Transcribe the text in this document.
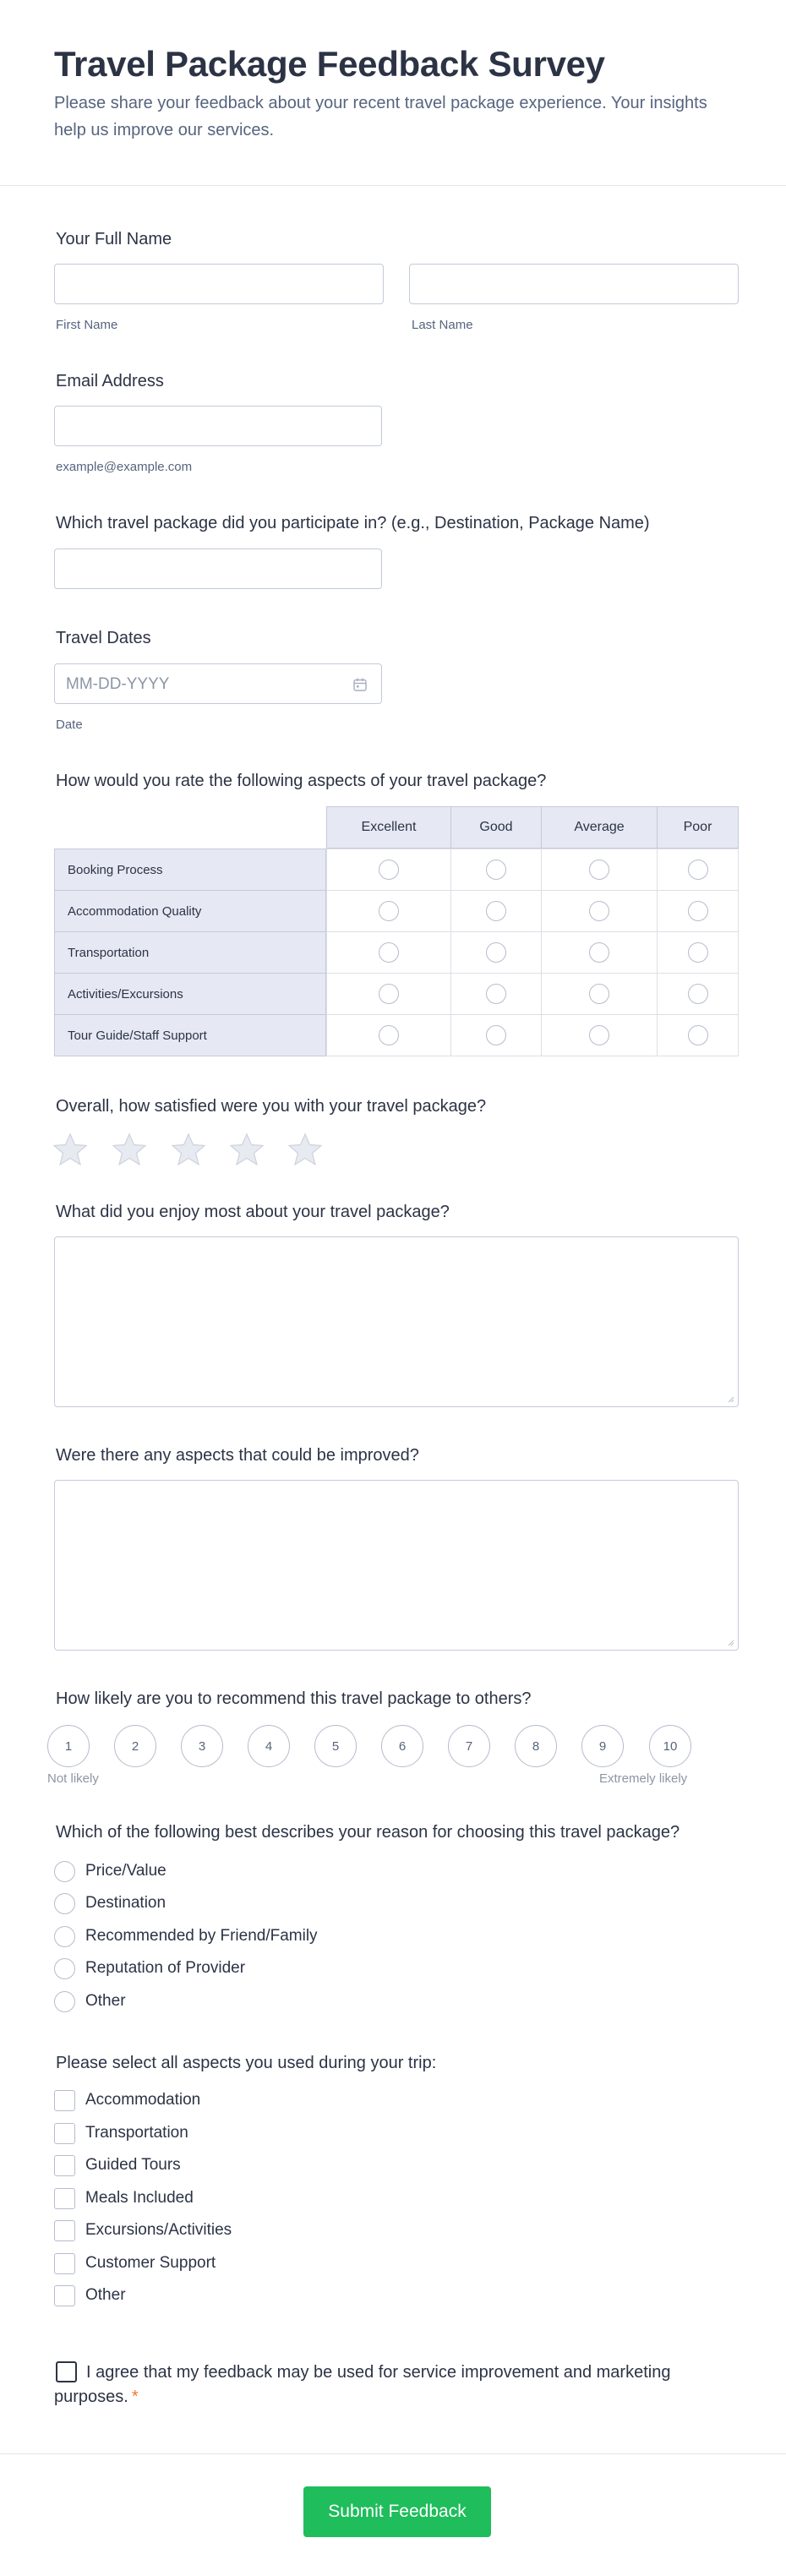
Travel Package Feedback Survey

Please share your feedback about your recent travel package experience. Your insights help us improve our services.

Your Full Name
First Name	Last Name
Email Address
example@example.com
Which travel package did you participate in? (e.g., Destination, Package Name)
Travel Dates
MM-DD-YYYY
Date
How would you rate the following aspects of your travel package?
Excellent	Good	Average	Poor
Booking Process
Accommodation Quality
Transportation
Activities/Excursions
Tour Guide/Staff Support
Overall, how satisfied were you with your travel package?
What did you enjoy most about your travel package?
Were there any aspects that could be improved?
How likely are you to recommend this travel package to others?
1	2	3	4	5	6	7	8	9	10
Not likely	Extremely likely
Which of the following best describes your reason for choosing this travel package?
Price/Value
Destination
Recommended by Friend/Family
Reputation of Provider
Other
Please select all aspects you used during your trip:
Accommodation
Transportation
Guided Tours
Meals Included
Excursions/Activities
Customer Support
Other
I agree that my feedback may be used for service improvement and marketing purposes. *
Submit Feedback
